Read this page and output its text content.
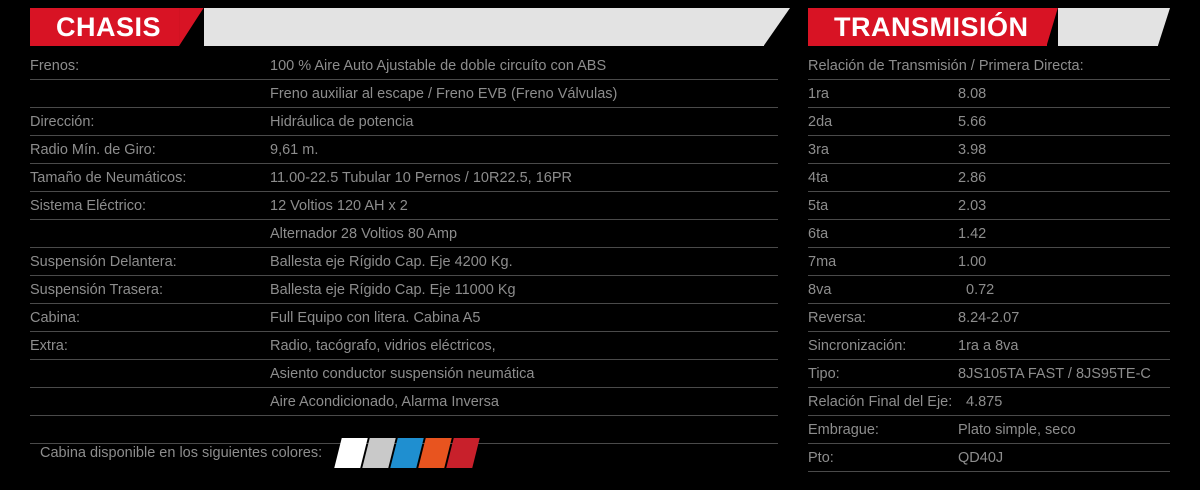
CHASIS	TRANSMISIÓN
Frenos:	100 % Aire Auto Ajustable de doble circuíto con ABS
Freno auxiliar al escape / Freno EVB (Freno Válvulas)
Dirección:	Hidráulica de potencia
Radio Mín. de Giro:	9,61 m.
Tamaño de Neumáticos:	11.00-22.5 Tubular 10 Pernos / 10R22.5, 16PR
Sistema Eléctrico:	12 Voltios 120 AH x 2
Alternador 28 Voltios 80 Amp
Suspensión Delantera:	Ballesta eje Rígido Cap. Eje 4200 Kg.
Suspensión Trasera:	Ballesta eje Rígido Cap. Eje 11000 Kg
Cabina:	Full Equipo con litera. Cabina A5
Extra:	Radio, tacógrafo, vidrios eléctricos,
Asiento conductor suspensión neumática
Aire Acondicionado, Alarma Inversa
Relación de Transmisión / Primera Directa:
1ra	8.08
2da	5.66
3ra	3.98
4ta	2.86
5ta	2.03
6ta	1.42
7ma	1.00
8va	0.72
Reversa:	8.24-2.07
Sincronización:	1ra a 8va
Tipo:	8JS105TA FAST / 8JS95TE-C
Relación Final del Eje: 4.875
Embrague:	Plato simple, seco
Pto:	QD40J
Cabina disponible en los siguientes colores:
